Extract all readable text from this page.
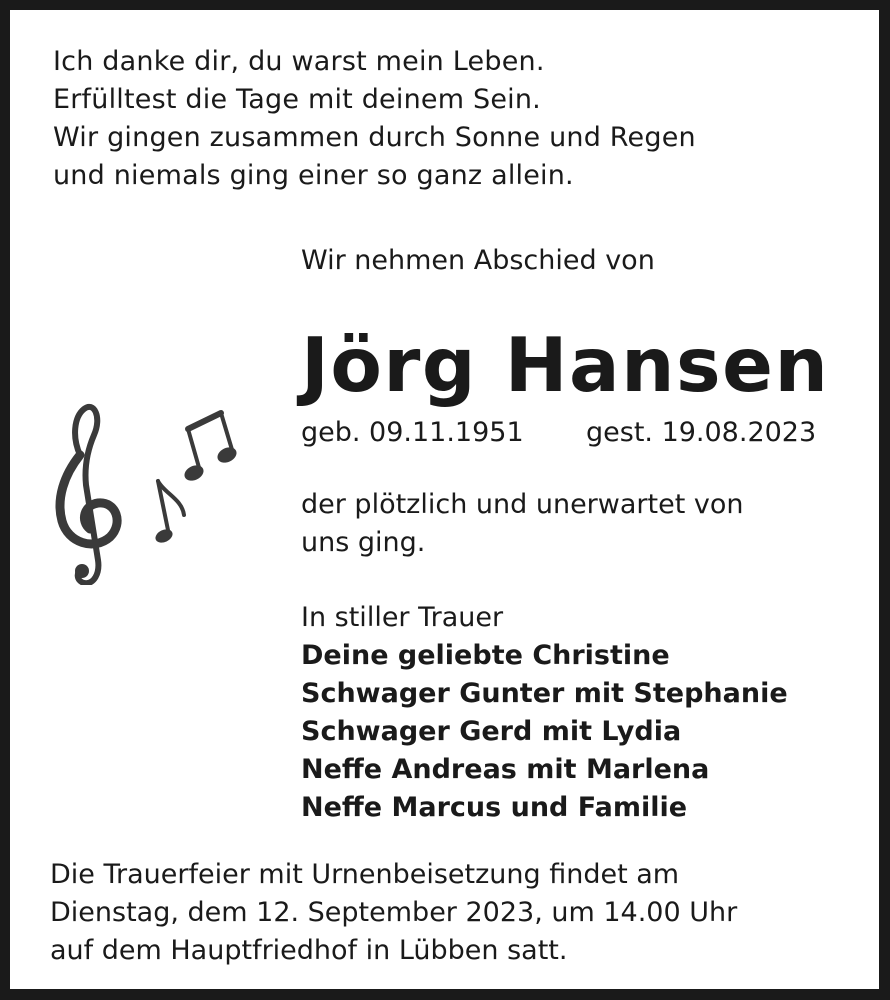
Ich danke dir, du warst mein Leben.
Erfülltest die Tage mit deinem Sein.
Wir gingen zusammen durch Sonne und Regen
und niemals ging einer so ganz allein.
Wir nehmen Abschied von
Jörg Hansen
geb. 09.11.1951 gest. 19.08.2023
der plötzlich und unerwartet von
uns ging.
In stiller Trauer
Deine geliebte Christine
Schwager Gunter mit Stephanie
Schwager Gerd mit Lydia
Neffe Andreas mit Marlena
Neffe Marcus und Familie
Die Trauerfeier mit Urnenbeisetzung findet am
Dienstag, dem 12. September 2023, um 14.00 Uhr
auf dem Hauptfriedhof in Lübben satt.
